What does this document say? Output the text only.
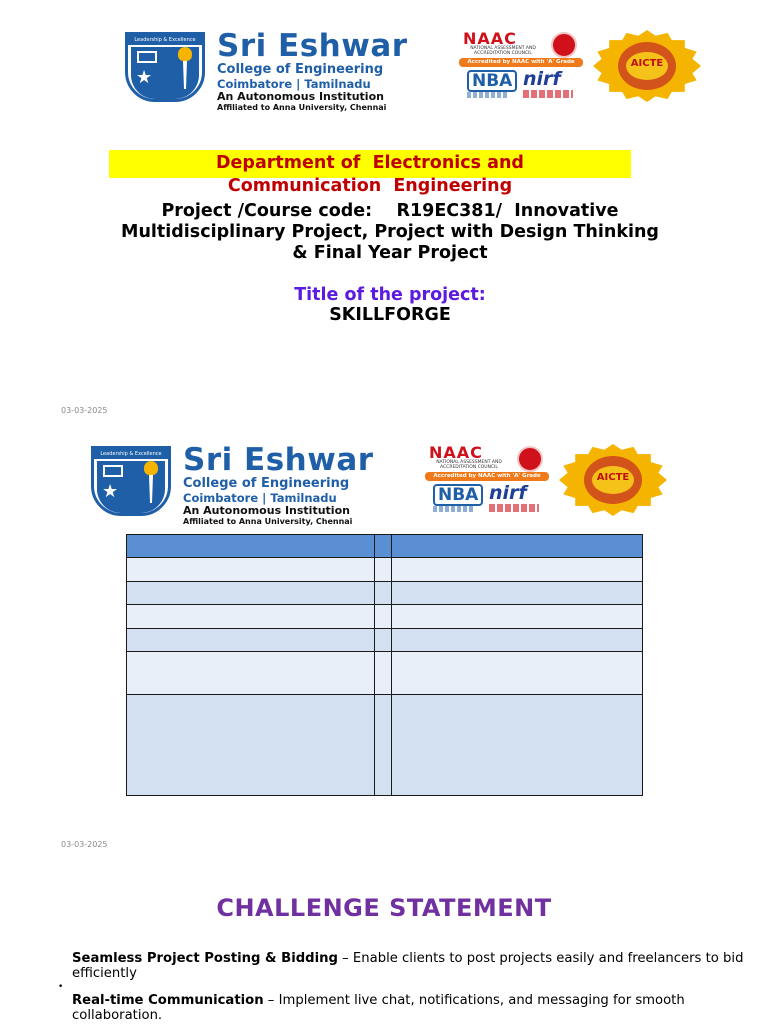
Leadership & Excellence
★
Sri Eshwar
College of Engineering
Coimbatore | Tamilnadu
An Autonomous Institution
Affiliated to Anna University, Chennai
NAAC
NATIONAL ASSESSMENT AND ACCREDITATION COUNCIL
Accredited by NAAC with 'A' Grade
NBA nirf
AICTE
Department of  Electronics and
Communication  Engineering
Project /Course code:    R19EC381/  Innovative
Multidisciplinary Project, Project with Design Thinking
& Final Year Project
Title of the project:
SKILLFORGE
03-03-2025
Leadership & Excellence
★
Sri Eshwar
College of Engineering
Coimbatore | Tamilnadu
An Autonomous Institution
Affiliated to Anna University, Chennai
NAAC
NATIONAL ASSESSMENT AND ACCREDITATION COUNCIL
Accredited by NAAC with 'A' Grade
NBA nirf
AICTE

03-03-2025
CHALLENGE STATEMENT
Seamless Project Posting & Bidding – Enable clients to post projects easily and freelancers to bid efficiently
•
Real-time Communication – Implement live chat, notifications, and messaging for smooth collaboration.
